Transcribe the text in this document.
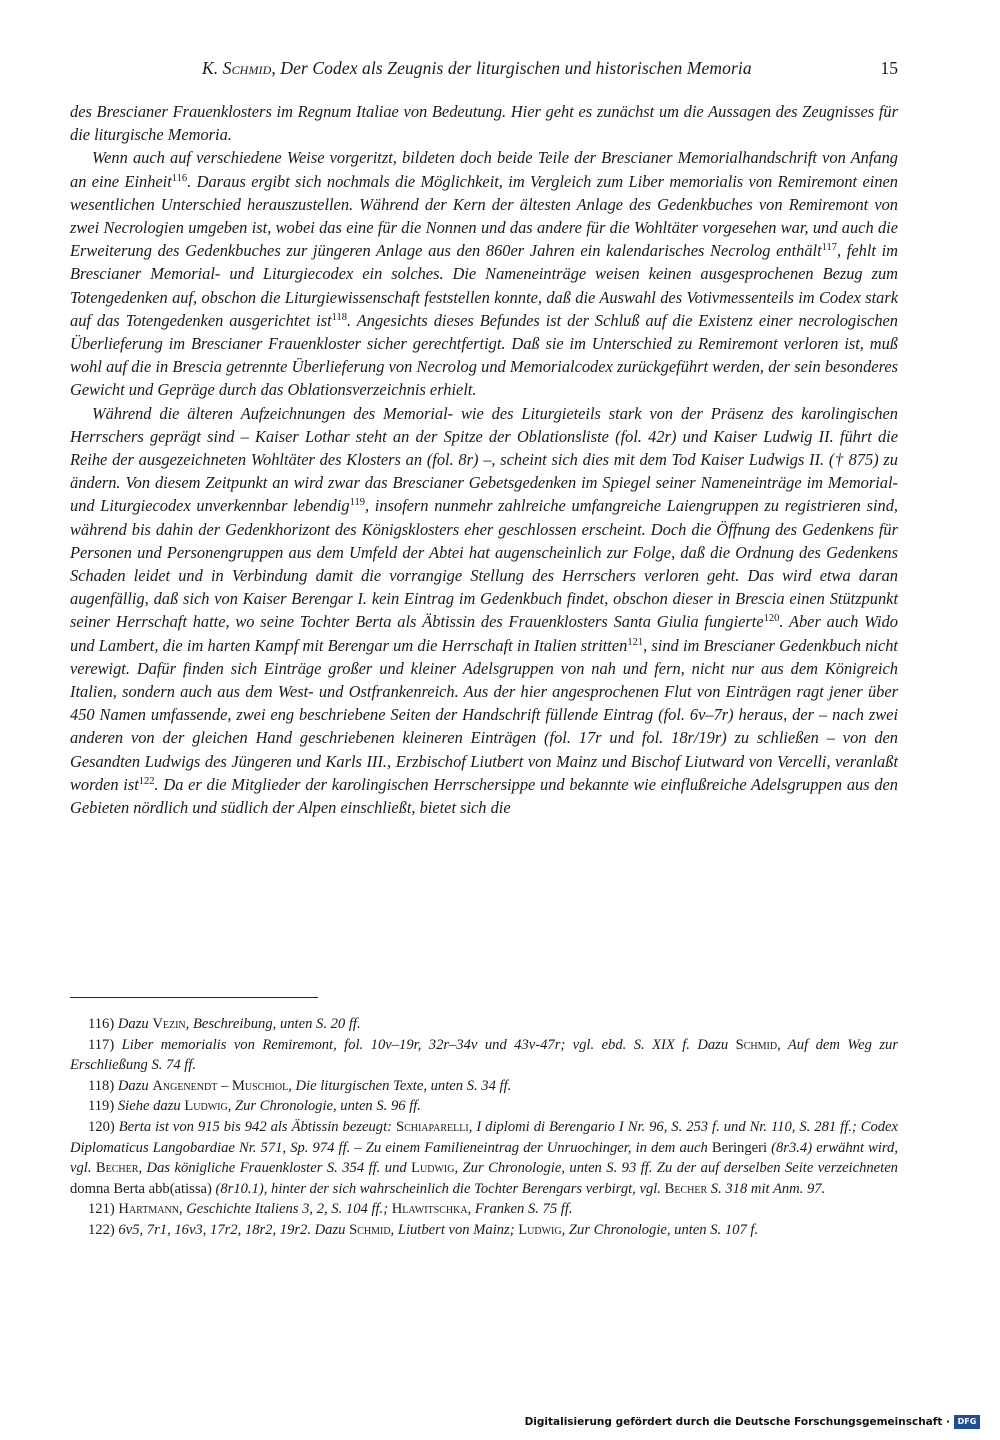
K. Schmid, Der Codex als Zeugnis der liturgischen und historischen Memoria	15

des Brescianer Frauenklosters im Regnum Italiae von Bedeutung. Hier geht es zunächst um die Aussagen des Zeugnisses für die liturgische Memoria.

Wenn auch auf verschiedene Weise vorgeritzt, bildeten doch beide Teile der Brescianer Memorialhandschrift von Anfang an eine Einheit$^{116}$. Daraus ergibt sich nochmals die Möglichkeit, im Vergleich zum Liber memorialis von Remiremont einen wesentlichen Unterschied herauszustellen. Während der Kern der ältesten Anlage des Gedenkbuches von Remiremont von zwei Necrologien umgeben ist, wobei das eine für die Nonnen und das andere für die Wohltäter vorgesehen war, und auch die Erweiterung des Gedenkbuches zur jüngeren Anlage aus den 860er Jahren ein kalendarisches Necrolog enthält$^{117}$, fehlt im Brescianer Memorial- und Liturgiecodex ein solches. Die Nameneinträge weisen keinen ausgesprochenen Bezug zum Totengedenken auf, obschon die Liturgiewissenschaft feststellen konnte, daß die Auswahl des Votivmessenteils im Codex stark auf das Totengedenken ausgerichtet ist$^{118}$. Angesichts dieses Befundes ist der Schluß auf die Existenz einer necrologischen Überlieferung im Brescianer Frauenkloster sicher gerechtfertigt. Daß sie im Unterschied zu Remiremont verloren ist, muß wohl auf die in Brescia getrennte Überlieferung von Necrolog und Memorialcodex zurückgeführt werden, der sein besonderes Gewicht und Gepräge durch das Oblationsverzeichnis erhielt.

Während die älteren Aufzeichnungen des Memorial- wie des Liturgieteils stark von der Präsenz des karolingischen Herrschers geprägt sind – Kaiser Lothar steht an der Spitze der Oblationsliste (fol. 42r) und Kaiser Ludwig II. führt die Reihe der ausgezeichneten Wohltäter des Klosters an (fol. 8r) –, scheint sich dies mit dem Tod Kaiser Ludwigs II. († 875) zu ändern. Von diesem Zeitpunkt an wird zwar das Brescianer Gebetsgedenken im Spiegel seiner Nameneinträge im Memorial- und Liturgiecodex unverkennbar lebendig$^{119}$, insofern nunmehr zahlreiche umfangreiche Laiengruppen zu registrieren sind, während bis dahin der Gedenkhorizont des Königsklosters eher geschlossen erscheint. Doch die Öffnung des Gedenkens für Personen und Personengruppen aus dem Umfeld der Abtei hat augenscheinlich zur Folge, daß die Ordnung des Gedenkens Schaden leidet und in Verbindung damit die vorrangige Stellung des Herrschers verloren geht. Das wird etwa daran augenfällig, daß sich von Kaiser Berengar I. kein Eintrag im Gedenkbuch findet, obschon dieser in Brescia einen Stützpunkt seiner Herrschaft hatte, wo seine Tochter Berta als Äbtissin des Frauenklosters Santa Giulia fungierte$^{120}$. Aber auch Wido und Lambert, die im harten Kampf mit Berengar um die Herrschaft in Italien stritten$^{121}$, sind im Brescianer Gedenkbuch nicht verewigt. Dafür finden sich Einträge großer und kleiner Adelsgruppen von nah und fern, nicht nur aus dem Königreich Italien, sondern auch aus dem West- und Ostfrankenreich. Aus der hier angesprochenen Flut von Einträgen ragt jener über 450 Namen umfassende, zwei eng beschriebene Seiten der Handschrift füllende Eintrag (fol. 6v–7r) heraus, der – nach zwei anderen von der gleichen Hand geschriebenen kleineren Einträgen (fol. 17r und fol. 18r/19r) zu schließen – von den Gesandten Ludwigs des Jüngeren und Karls III., Erzbischof Liutbert von Mainz und Bischof Liutward von Vercelli, veranlaßt worden ist$^{122}$. Da er die Mitglieder der karolingischen Herrschersippe und bekannte wie einflußreiche Adelsgruppen aus den Gebieten nördlich und südlich der Alpen einschließt, bietet sich die

116) Dazu Vezin, Beschreibung, unten S. 20 ff.

117) Liber memorialis von Remiremont, fol. 10v–19r, 32r–34v und 43v-47r; vgl. ebd. S. XIX f. Dazu Schmid, Auf dem Weg zur Erschließung S. 74 ff.

118) Dazu Angenendt – Muschiol, Die liturgischen Texte, unten S. 34 ff.

119) Siehe dazu Ludwig, Zur Chronologie, unten S. 96 ff.

120) Berta ist von 915 bis 942 als Äbtissin bezeugt: Schiaparelli, I diplomi di Berengario I Nr. 96, S. 253 f. und Nr. 110, S. 281 ff.; Codex Diplomaticus Langobardiae Nr. 571, Sp. 974 ff. – Zu einem Familieneintrag der Unruochinger, in dem auch Beringeri (8r3.4) erwähnt wird, vgl. Becher, Das königliche Frauenkloster S. 354 ff. und Ludwig, Zur Chronologie, unten S. 93 ff. Zu der auf derselben Seite verzeichneten domna Berta abb(atissa) (8r10.1), hinter der sich wahrscheinlich die Tochter Berengars verbirgt, vgl. Becher S. 318 mit Anm. 97.

121) Hartmann, Geschichte Italiens 3, 2, S. 104 ff.; Hlawitschka, Franken S. 75 ff.

122) 6v5, 7r1, 16v3, 17r2, 18r2, 19r2. Dazu Schmid, Liutbert von Mainz; Ludwig, Zur Chronologie, unten S. 107 f.

Digitalisierung gefördert durch die Deutsche Forschungsgemeinschaft · DFG
